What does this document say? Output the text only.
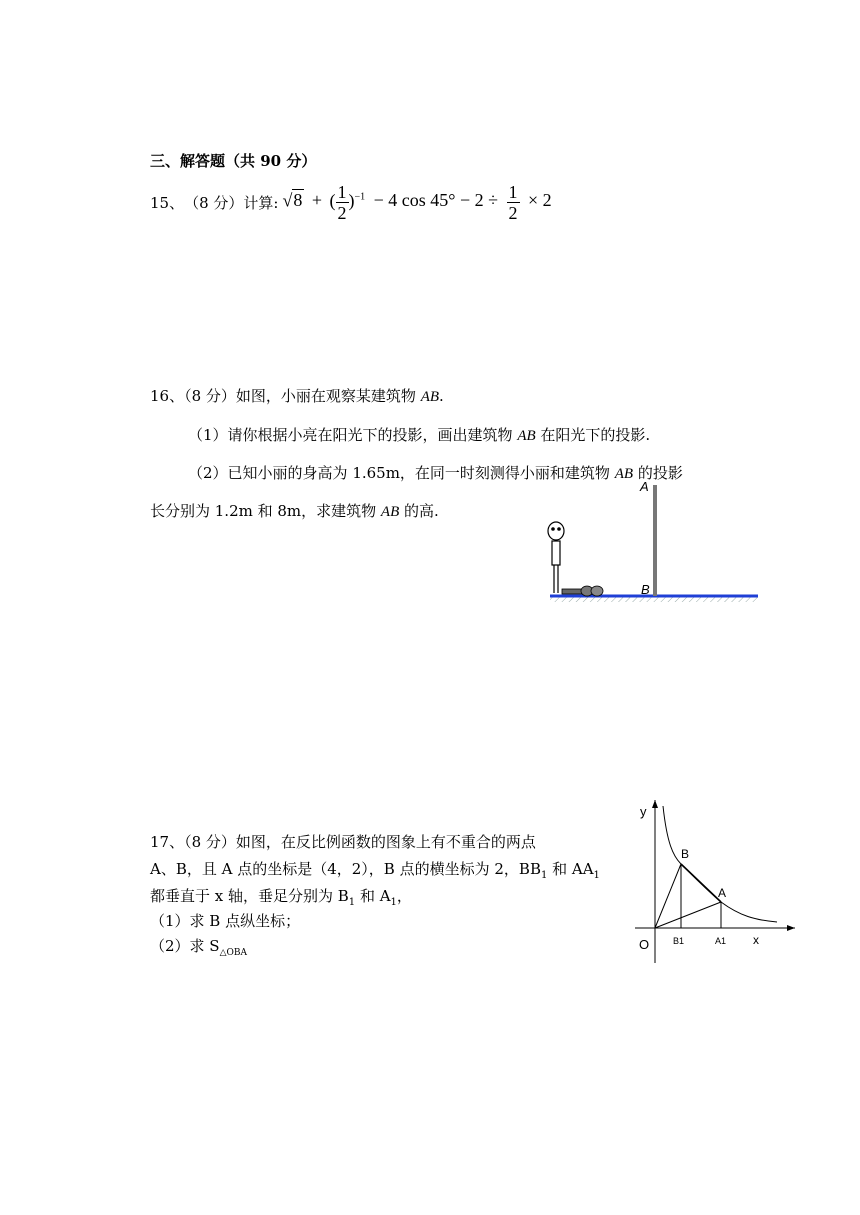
三、解答题（共 90 分）
15、 （8 分） 计算: √8 + ( $\frac{1}{2} )^{-1} - 4$ $\cos 45^\circ - 2 \div \frac{1}{2} \times 2$
16、（8 分）如图，小丽在观察某建筑物 AB.
（1）请你根据小亮在阳光下的投影，画出建筑物 AB 在阳光下的投影.
（2）已知小丽的身高为 1.65m，在同一时刻测得小丽和建筑物 AB 的投影
长分别为 1.2m 和 8m，求建筑物 AB 的高.
A
B
17、（8 分）如图，在反比例函数的图象上有不重合的两点
A、B，且 A 点的坐标是（4，2），B 点的横坐标为 2，$BB_1$ 和 $AA_1$
都垂直于 x 轴，垂足分别为 $B_1$ 和 $A_1$，
（1）求 B 点纵坐标；
（2）求 $S_{\triangle OBA}$
y
x
O
B
A
B1	A1
